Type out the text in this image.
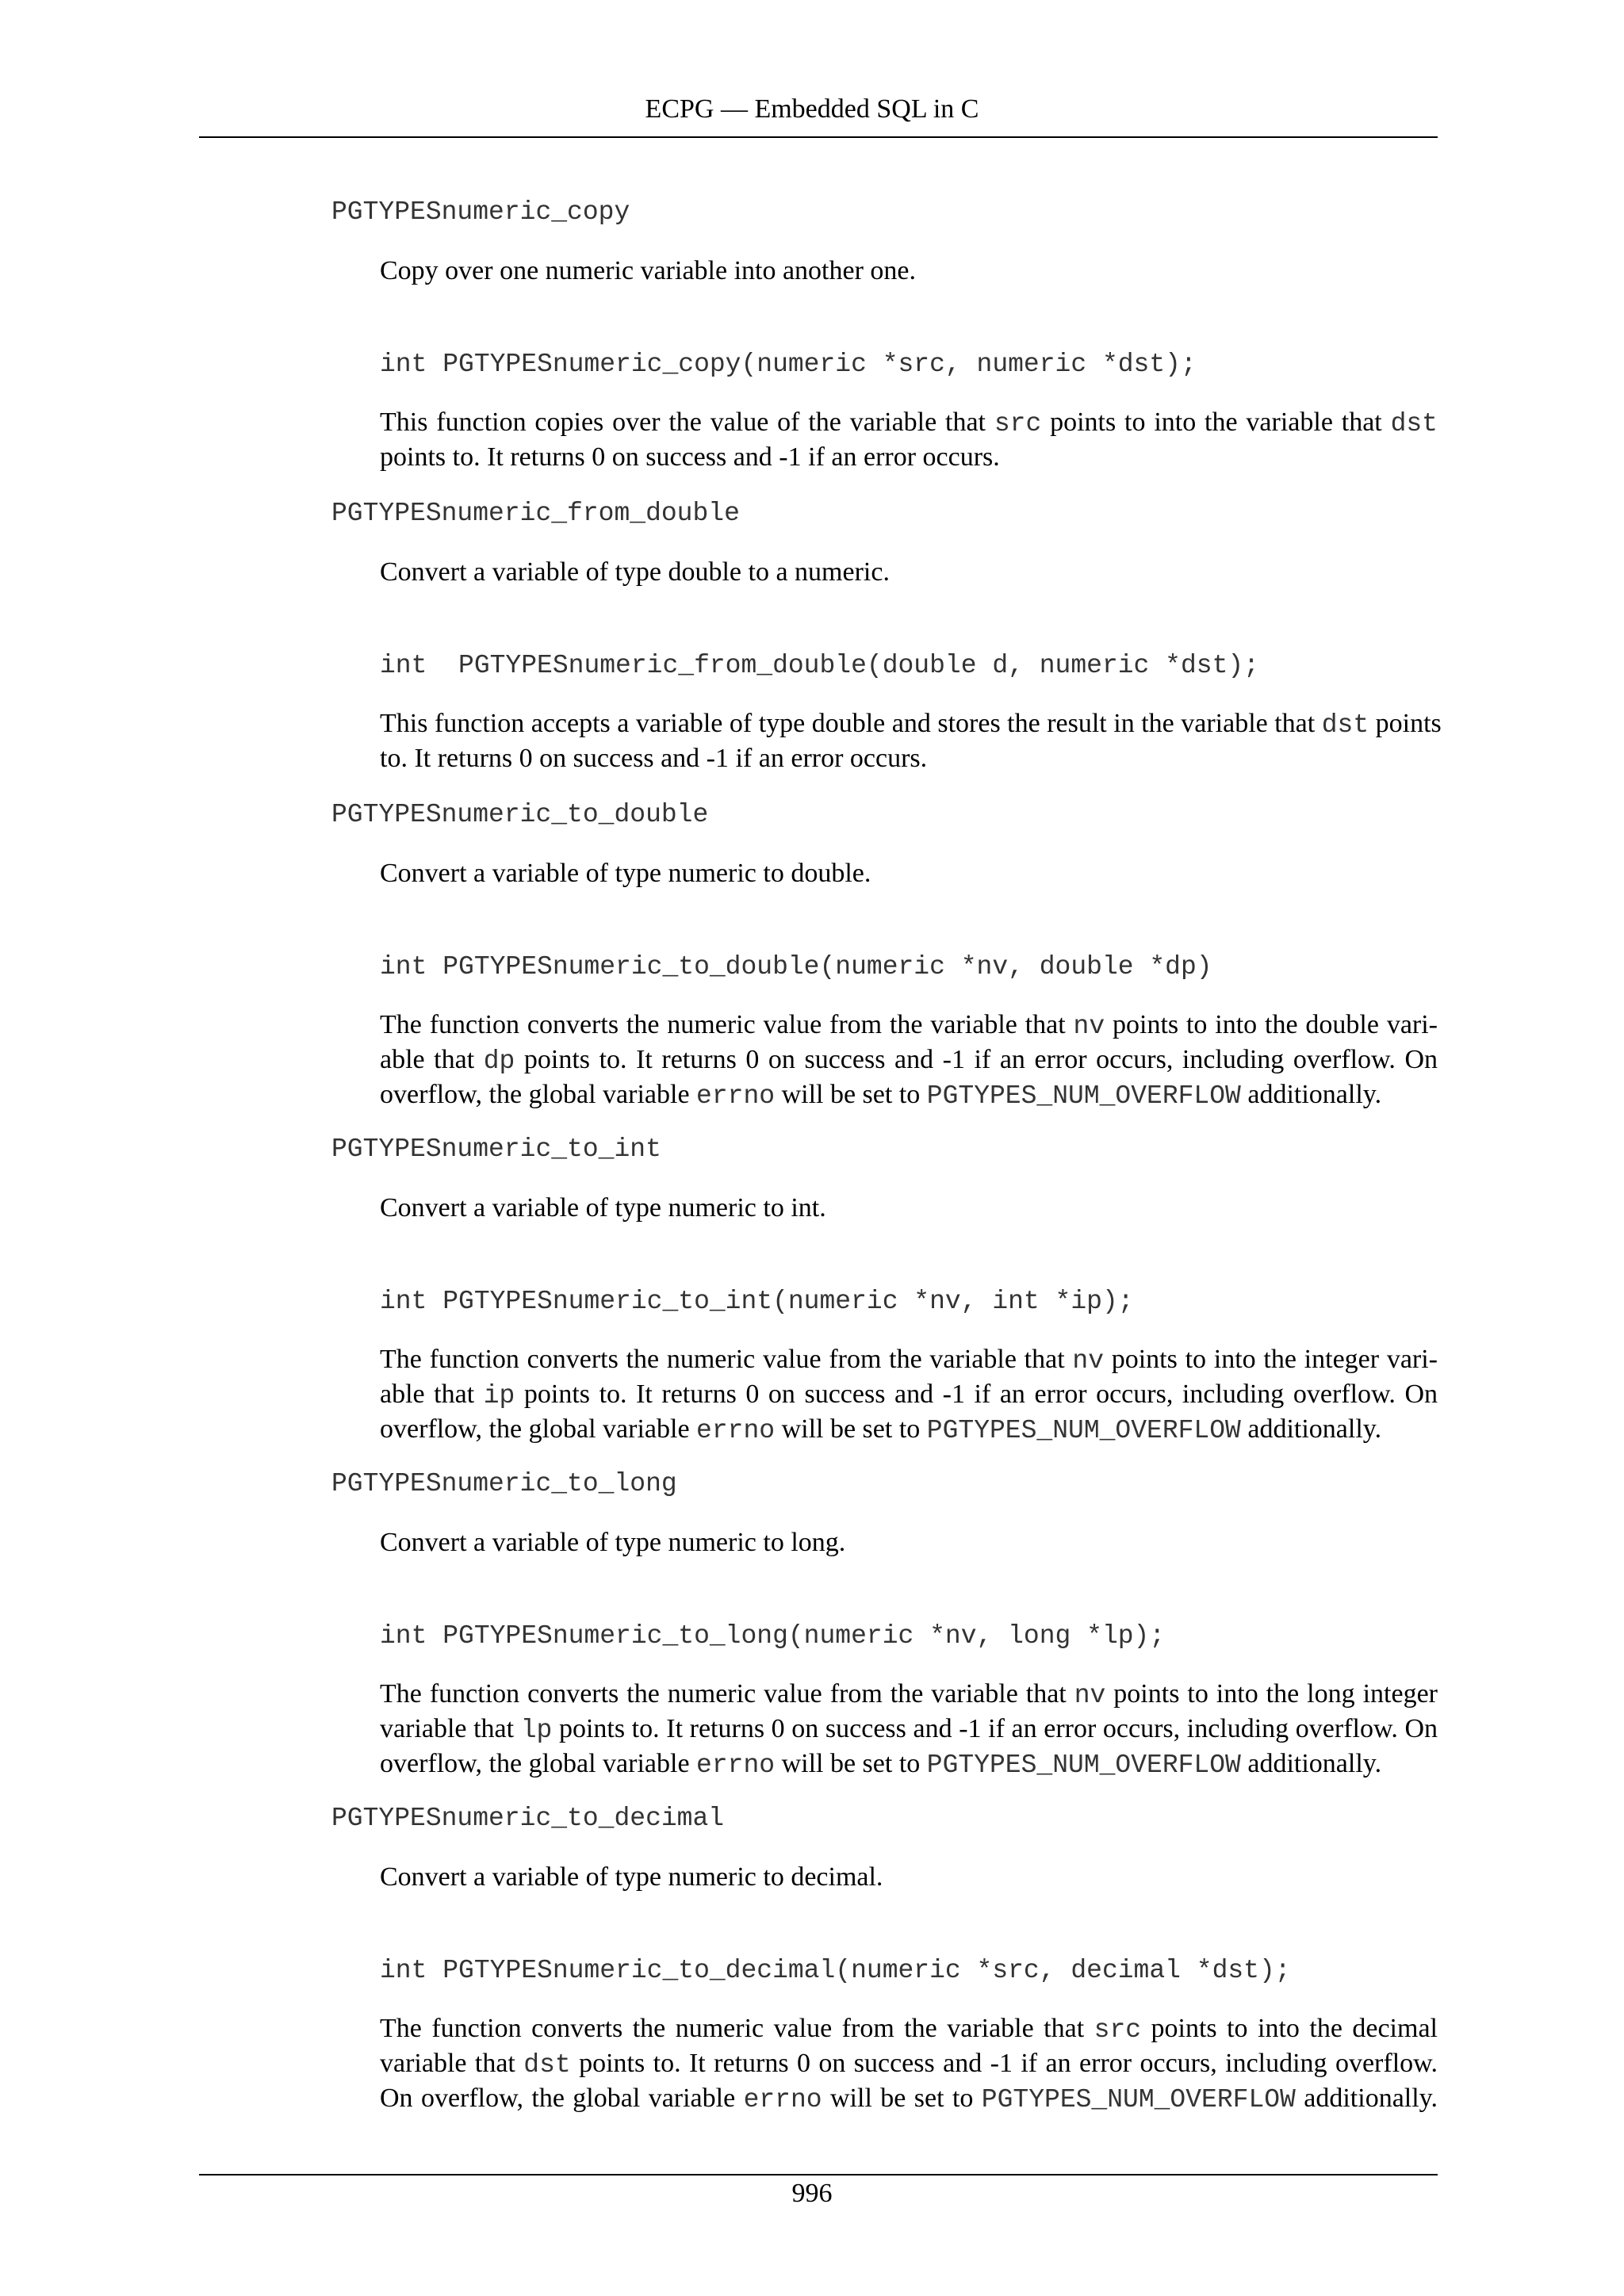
ECPG — Embedded SQL in C
PGTYPESnumeric_copy
Copy over one numeric variable into another one.
int PGTYPESnumeric_copy(numeric *src, numeric *dst);
This function copies over the value of the variable that src points to into the variable that dst
points to. It returns 0 on success and -1 if an error occurs.
PGTYPESnumeric_from_double
Convert a variable of type double to a numeric.
int  PGTYPESnumeric_from_double(double d, numeric *dst);
This function accepts a variable of type double and stores the result in the variable that dst points
to. It returns 0 on success and -1 if an error occurs.
PGTYPESnumeric_to_double
Convert a variable of type numeric to double.
int PGTYPESnumeric_to_double(numeric *nv, double *dp)
The function converts the numeric value from the variable that nv points to into the double vari-
able that dp points to. It returns 0 on success and -1 if an error occurs, including overflow. On
overflow, the global variable errno will be set to PGTYPES_NUM_OVERFLOW additionally.
PGTYPESnumeric_to_int
Convert a variable of type numeric to int.
int PGTYPESnumeric_to_int(numeric *nv, int *ip);
The function converts the numeric value from the variable that nv points to into the integer vari-
able that ip points to. It returns 0 on success and -1 if an error occurs, including overflow. On
overflow, the global variable errno will be set to PGTYPES_NUM_OVERFLOW additionally.
PGTYPESnumeric_to_long
Convert a variable of type numeric to long.
int PGTYPESnumeric_to_long(numeric *nv, long *lp);
The function converts the numeric value from the variable that nv points to into the long integer
variable that lp points to. It returns 0 on success and -1 if an error occurs, including overflow. On
overflow, the global variable errno will be set to PGTYPES_NUM_OVERFLOW additionally.
PGTYPESnumeric_to_decimal
Convert a variable of type numeric to decimal.
int PGTYPESnumeric_to_decimal(numeric *src, decimal *dst);
The function converts the numeric value from the variable that src points to into the decimal
variable that dst points to. It returns 0 on success and -1 if an error occurs, including overflow.
On overflow, the global variable errno will be set to PGTYPES_NUM_OVERFLOW additionally.
996
